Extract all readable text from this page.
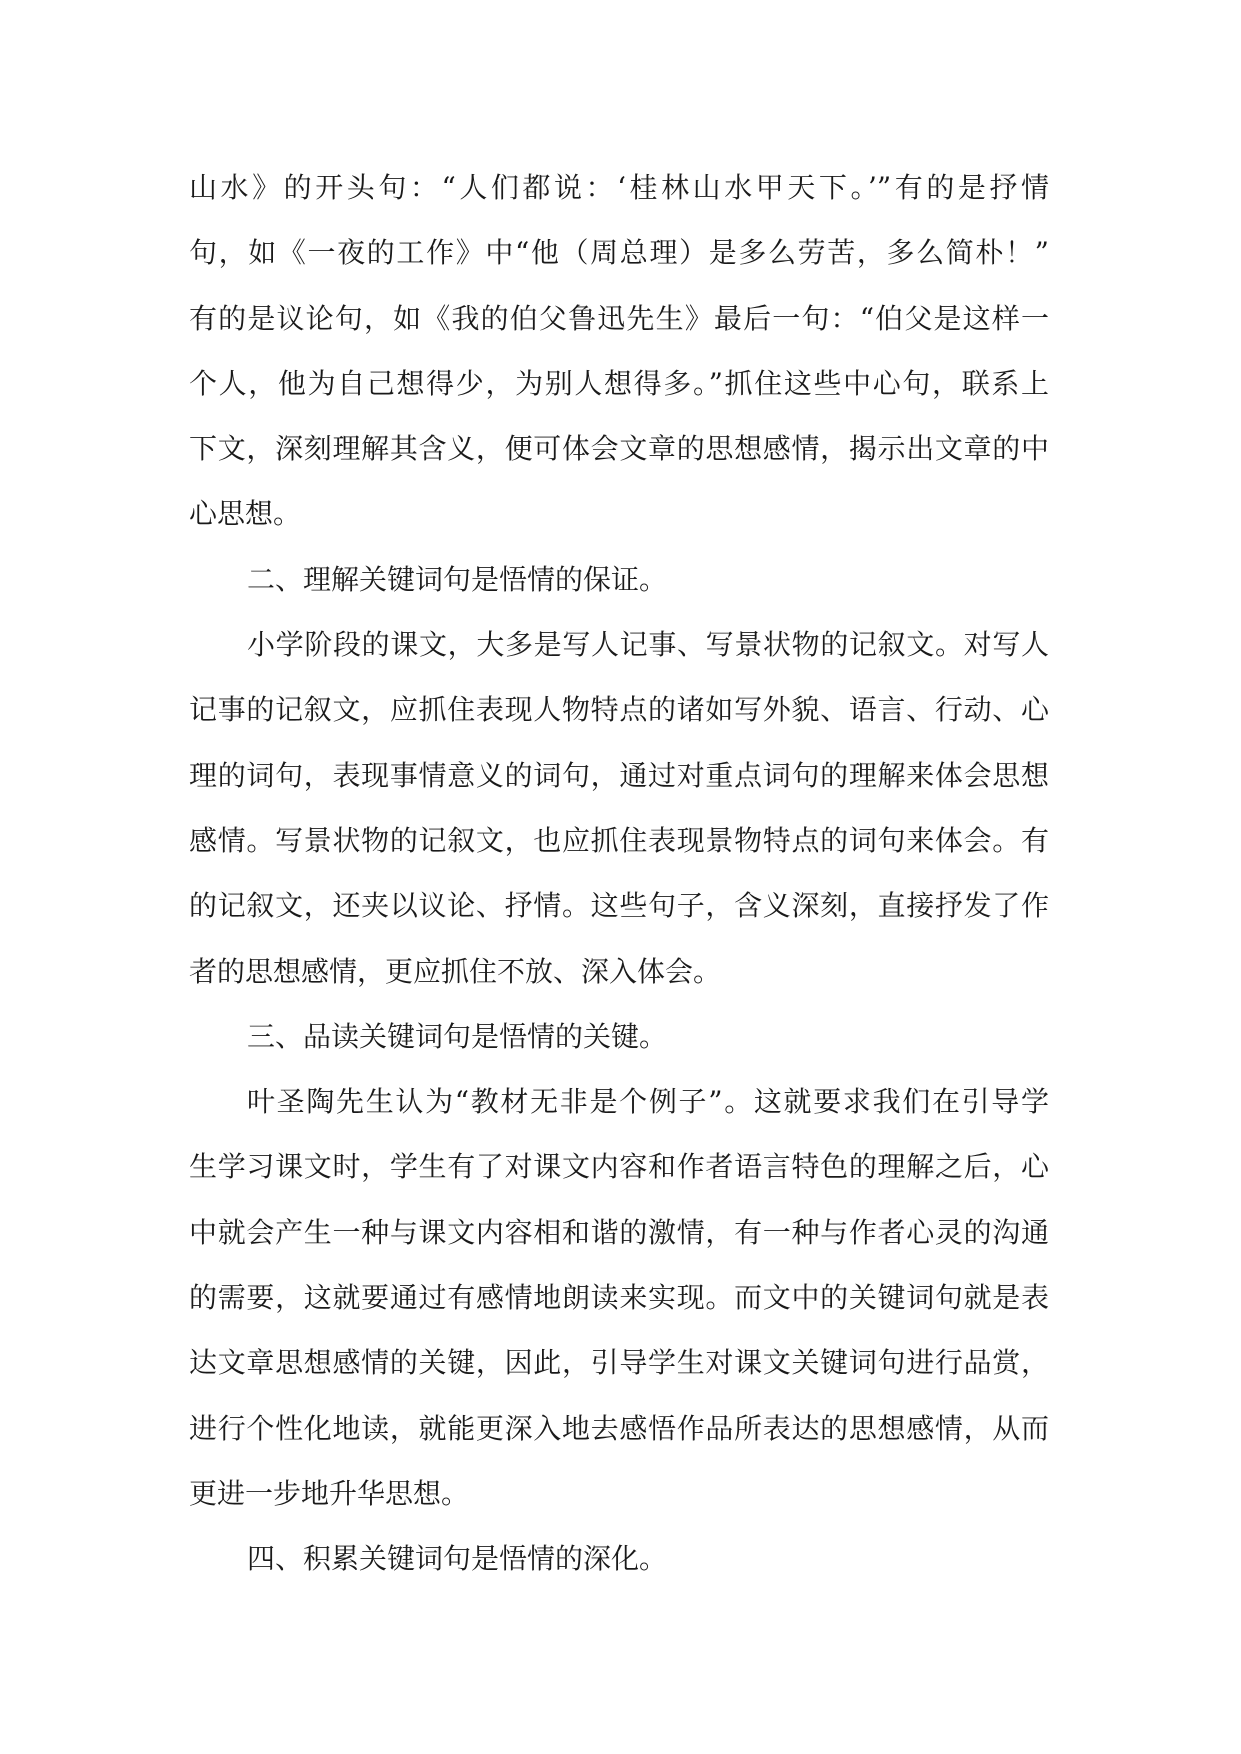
山水》的开头句：“人们都说：‘桂林山水甲天下。’”有的是抒情
句，如《一夜的工作》中“他（周总理）是多么劳苦，多么简朴！”
有的是议论句，如《我的伯父鲁迅先生》最后一句：“伯父是这样一
个人，他为自己想得少，为别人想得多。”抓住这些中心句，联系上
下文，深刻理解其含义，便可体会文章的思想感情，揭示出文章的中
心思想。
二、理解关键词句是悟情的保证。
小学阶段的课文，大多是写人记事、写景状物的记叙文。对写人
记事的记叙文，应抓住表现人物特点的诸如写外貌、语言、行动、心
理的词句，表现事情意义的词句，通过对重点词句的理解来体会思想
感情。写景状物的记叙文，也应抓住表现景物特点的词句来体会。有
的记叙文，还夹以议论、抒情。这些句子，含义深刻，直接抒发了作
者的思想感情，更应抓住不放、深入体会。
三、品读关键词句是悟情的关键。
叶圣陶先生认为“教材无非是个例子”。这就要求我们在引导学
生学习课文时，学生有了对课文内容和作者语言特色的理解之后，心
中就会产生一种与课文内容相和谐的激情，有一种与作者心灵的沟通
的需要，这就要通过有感情地朗读来实现。而文中的关键词句就是表
达文章思想感情的关键，因此，引导学生对课文关键词句进行品赏，
进行个性化地读，就能更深入地去感悟作品所表达的思想感情，从而
更进一步地升华思想。
四、积累关键词句是悟情的深化。
